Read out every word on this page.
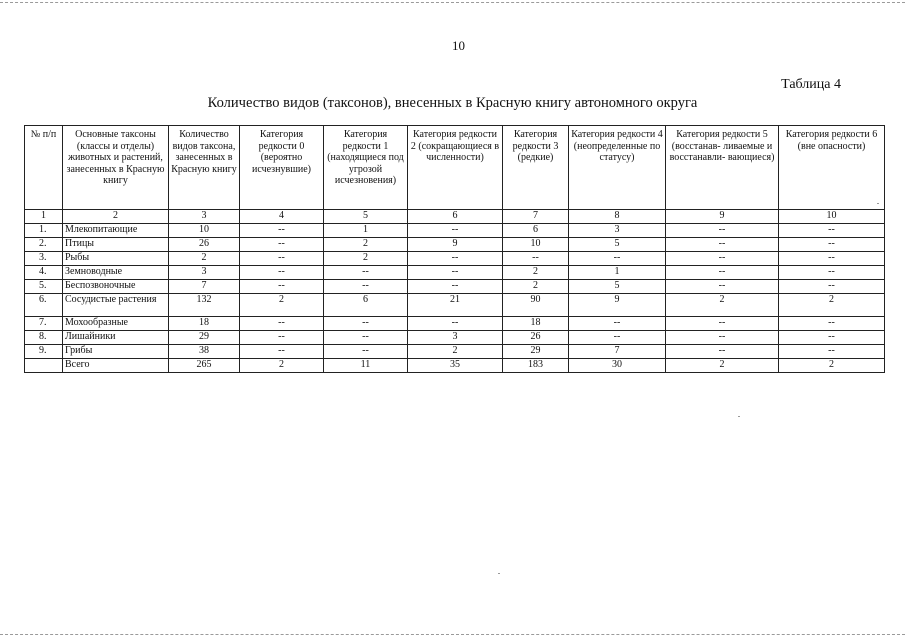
10
Таблица 4
Количество видов (таксонов), внесенных в Красную книгу автономного округа
№ п/п	Основные таксоны (классы и отделы) животных и растений, занесенных в Красную книгу	Количество видов таксона, занесенных в Красную книгу	Категория редкости 0 (вероятно исчезнувшие)	Категория редкости 1 (находящиеся под угрозой исчезновения)	Категория редкости 2 (сокращающиеся в численности)	Категория редкости 3 (редкие)	Категория редкости 4 (неопределенные по статусу)	Категория редкости 5 (восстанав- ливаемые и восстанавли- вающиеся)	Категория редкости 6 (вне опасности)
1	2	3	4	5	6	7	8	9	10
1.	Млекопитающие	10	--	1	--	6	3	--	--
2.	Птицы	26	--	2	9	10	5	--	--
3.	Рыбы	2	--	2	--	--	--	--	--
4.	Земноводные	3	--	--	--	2	1	--	--
5.	Беспозвоночные	7	--	--	--	2	5	--	--
6.	Сосудистые растения	132	2	6	21	90	9	2	2
7.	Мохообразные	18	--	--	--	18	--	--	--
8.	Лишайники	29	--	--	3	26	--	--	--
9.	Грибы	38	--	--	2	29	7	--	--
	Всего	265	2	11	35	183	30	2	2
